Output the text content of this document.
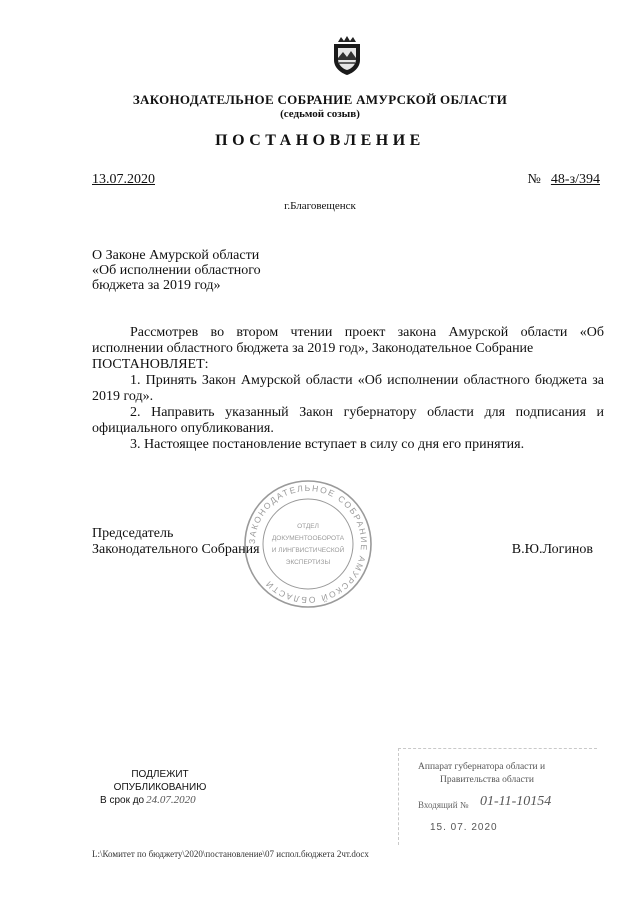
ЗАКОНОДАТЕЛЬНОЕ СОБРАНИЕ АМУРСКОЙ ОБЛАСТИ
(седьмой созыв)
ПОСТАНОВЛЕНИЕ
13.07.2020	№ 48-з/394
г.Благовещенск
О Законе Амурской области
«Об исполнении областного
бюджета за 2019 год»

Рассмотрев во втором чтении проект закона Амурской области «Об исполнении областного бюджета за 2019 год», Законодательное Собрание

ПОСТАНОВЛЯЕТ:

1. Принять Закон Амурской области «Об исполнении областного бюджета за 2019 год».

2. Направить указанный Закон губернатору области для подписания и официального опубликования.

3. Настоящее постановление вступает в силу со дня его принятия.

Председатель
Законодательного Собрания	В.Ю.Логинов
ЗАКОНОДАТЕЛЬНОЕ СОБРАНИЕ АМУРСКОЙ ОБЛАСТИ
ОТДЕЛ
ДОКУМЕНТООБОРОТА
И ЛИНГВИСТИЧЕСКОЙ
ЭКСПЕРТИЗЫ
ПОДЛЕЖИТ
ОПУБЛИКОВАНИЮ
В срок до 24.07.2020
Аппарат губернатора области и
Правительства области
Входящий № 01-11-10154
15. 07. 2020
L:\Комитет по бюджету\2020\постановление\07 испол.бюджета 2чт.docx
